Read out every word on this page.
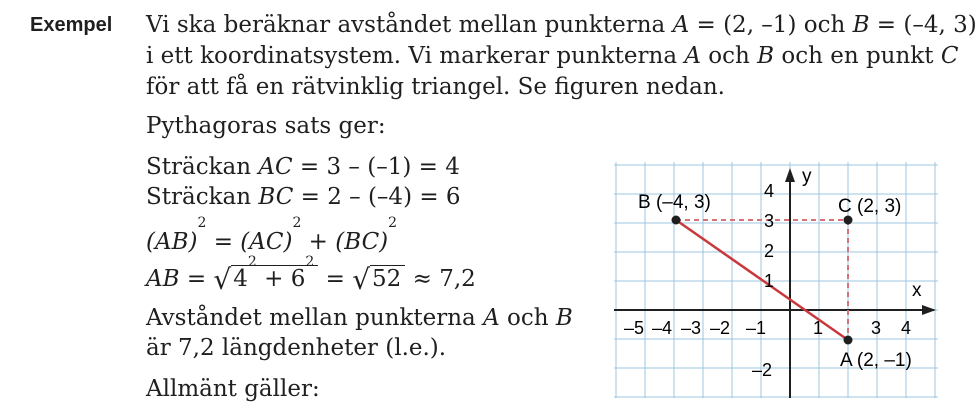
Exempel Vi ska beräknar avståndet mellan punkterna A = (2, –1) och B = (–4, 3)
i ett koordinatsystem. Vi markerar punkterna A och B och en punkt C
för att få en rätvinklig triangel. Se figuren nedan.
Pythagoras sats ger:
Sträckan AC = 3 – (–1) = 4
Sträckan BC = 2 – (–4) = 6
(AB)$^2$ = (AC)$^2$ + (BC)$^2$
AB = $√4^2 + 6^2 = √52 \approx 7,2$
Avståndet mellan punkterna A och B
är 7,2 längdenheter (l.e.).
Allmänt gäller:
x
y
B (–4, 3)	C (2, 3)
A (2, –1)
–5 –4 –3 –2 –1	1	3 4
4
3
2
1
–2
